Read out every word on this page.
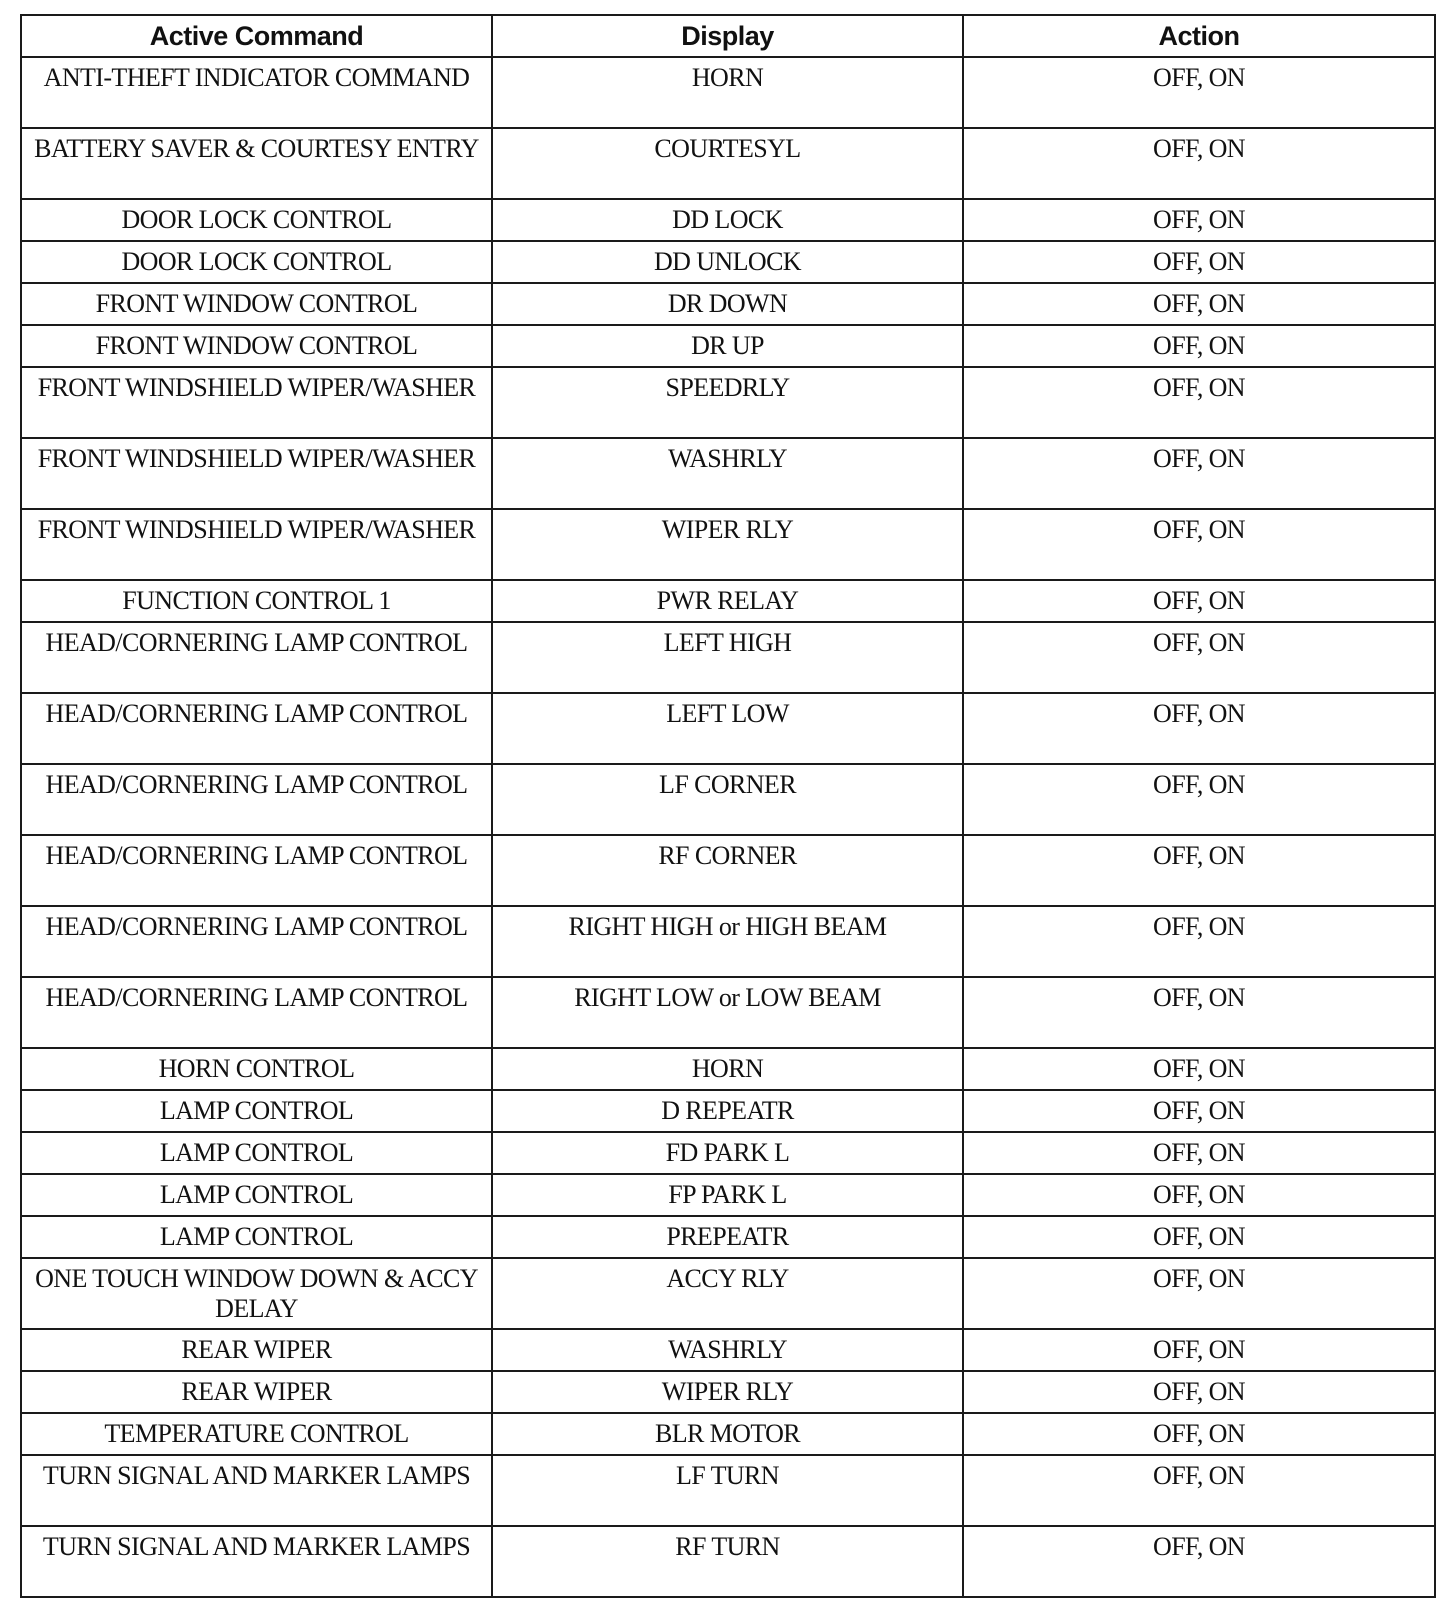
Active Command	Display	Action
ANTI-THEFT INDICATOR COMMAND	HORN	OFF, ON
BATTERY SAVER & COURTESY ENTRY	COURTESYL	OFF, ON
DOOR LOCK CONTROL	DD LOCK	OFF, ON
DOOR LOCK CONTROL	DD UNLOCK	OFF, ON
FRONT WINDOW CONTROL	DR DOWN	OFF, ON
FRONT WINDOW CONTROL	DR UP	OFF, ON
FRONT WINDSHIELD WIPER/WASHER	SPEEDRLY	OFF, ON
FRONT WINDSHIELD WIPER/WASHER	WASHRLY	OFF, ON
FRONT WINDSHIELD WIPER/WASHER	WIPER RLY	OFF, ON
FUNCTION CONTROL 1	PWR RELAY	OFF, ON
HEAD/CORNERING LAMP CONTROL	LEFT HIGH	OFF, ON
HEAD/CORNERING LAMP CONTROL	LEFT LOW	OFF, ON
HEAD/CORNERING LAMP CONTROL	LF CORNER	OFF, ON
HEAD/CORNERING LAMP CONTROL	RF CORNER	OFF, ON
HEAD/CORNERING LAMP CONTROL	RIGHT HIGH or HIGH BEAM	OFF, ON
HEAD/CORNERING LAMP CONTROL	RIGHT LOW or LOW BEAM	OFF, ON
HORN CONTROL	HORN	OFF, ON
LAMP CONTROL	D REPEATR	OFF, ON
LAMP CONTROL	FD PARK L	OFF, ON
LAMP CONTROL	FP PARK L	OFF, ON
LAMP CONTROL	PREPEATR	OFF, ON
ONE TOUCH WINDOW DOWN & ACCY DELAY	ACCY RLY	OFF, ON
REAR WIPER	WASHRLY	OFF, ON
REAR WIPER	WIPER RLY	OFF, ON
TEMPERATURE CONTROL	BLR MOTOR	OFF, ON
TURN SIGNAL AND MARKER LAMPS	LF TURN	OFF, ON
TURN SIGNAL AND MARKER LAMPS	RF TURN	OFF, ON
